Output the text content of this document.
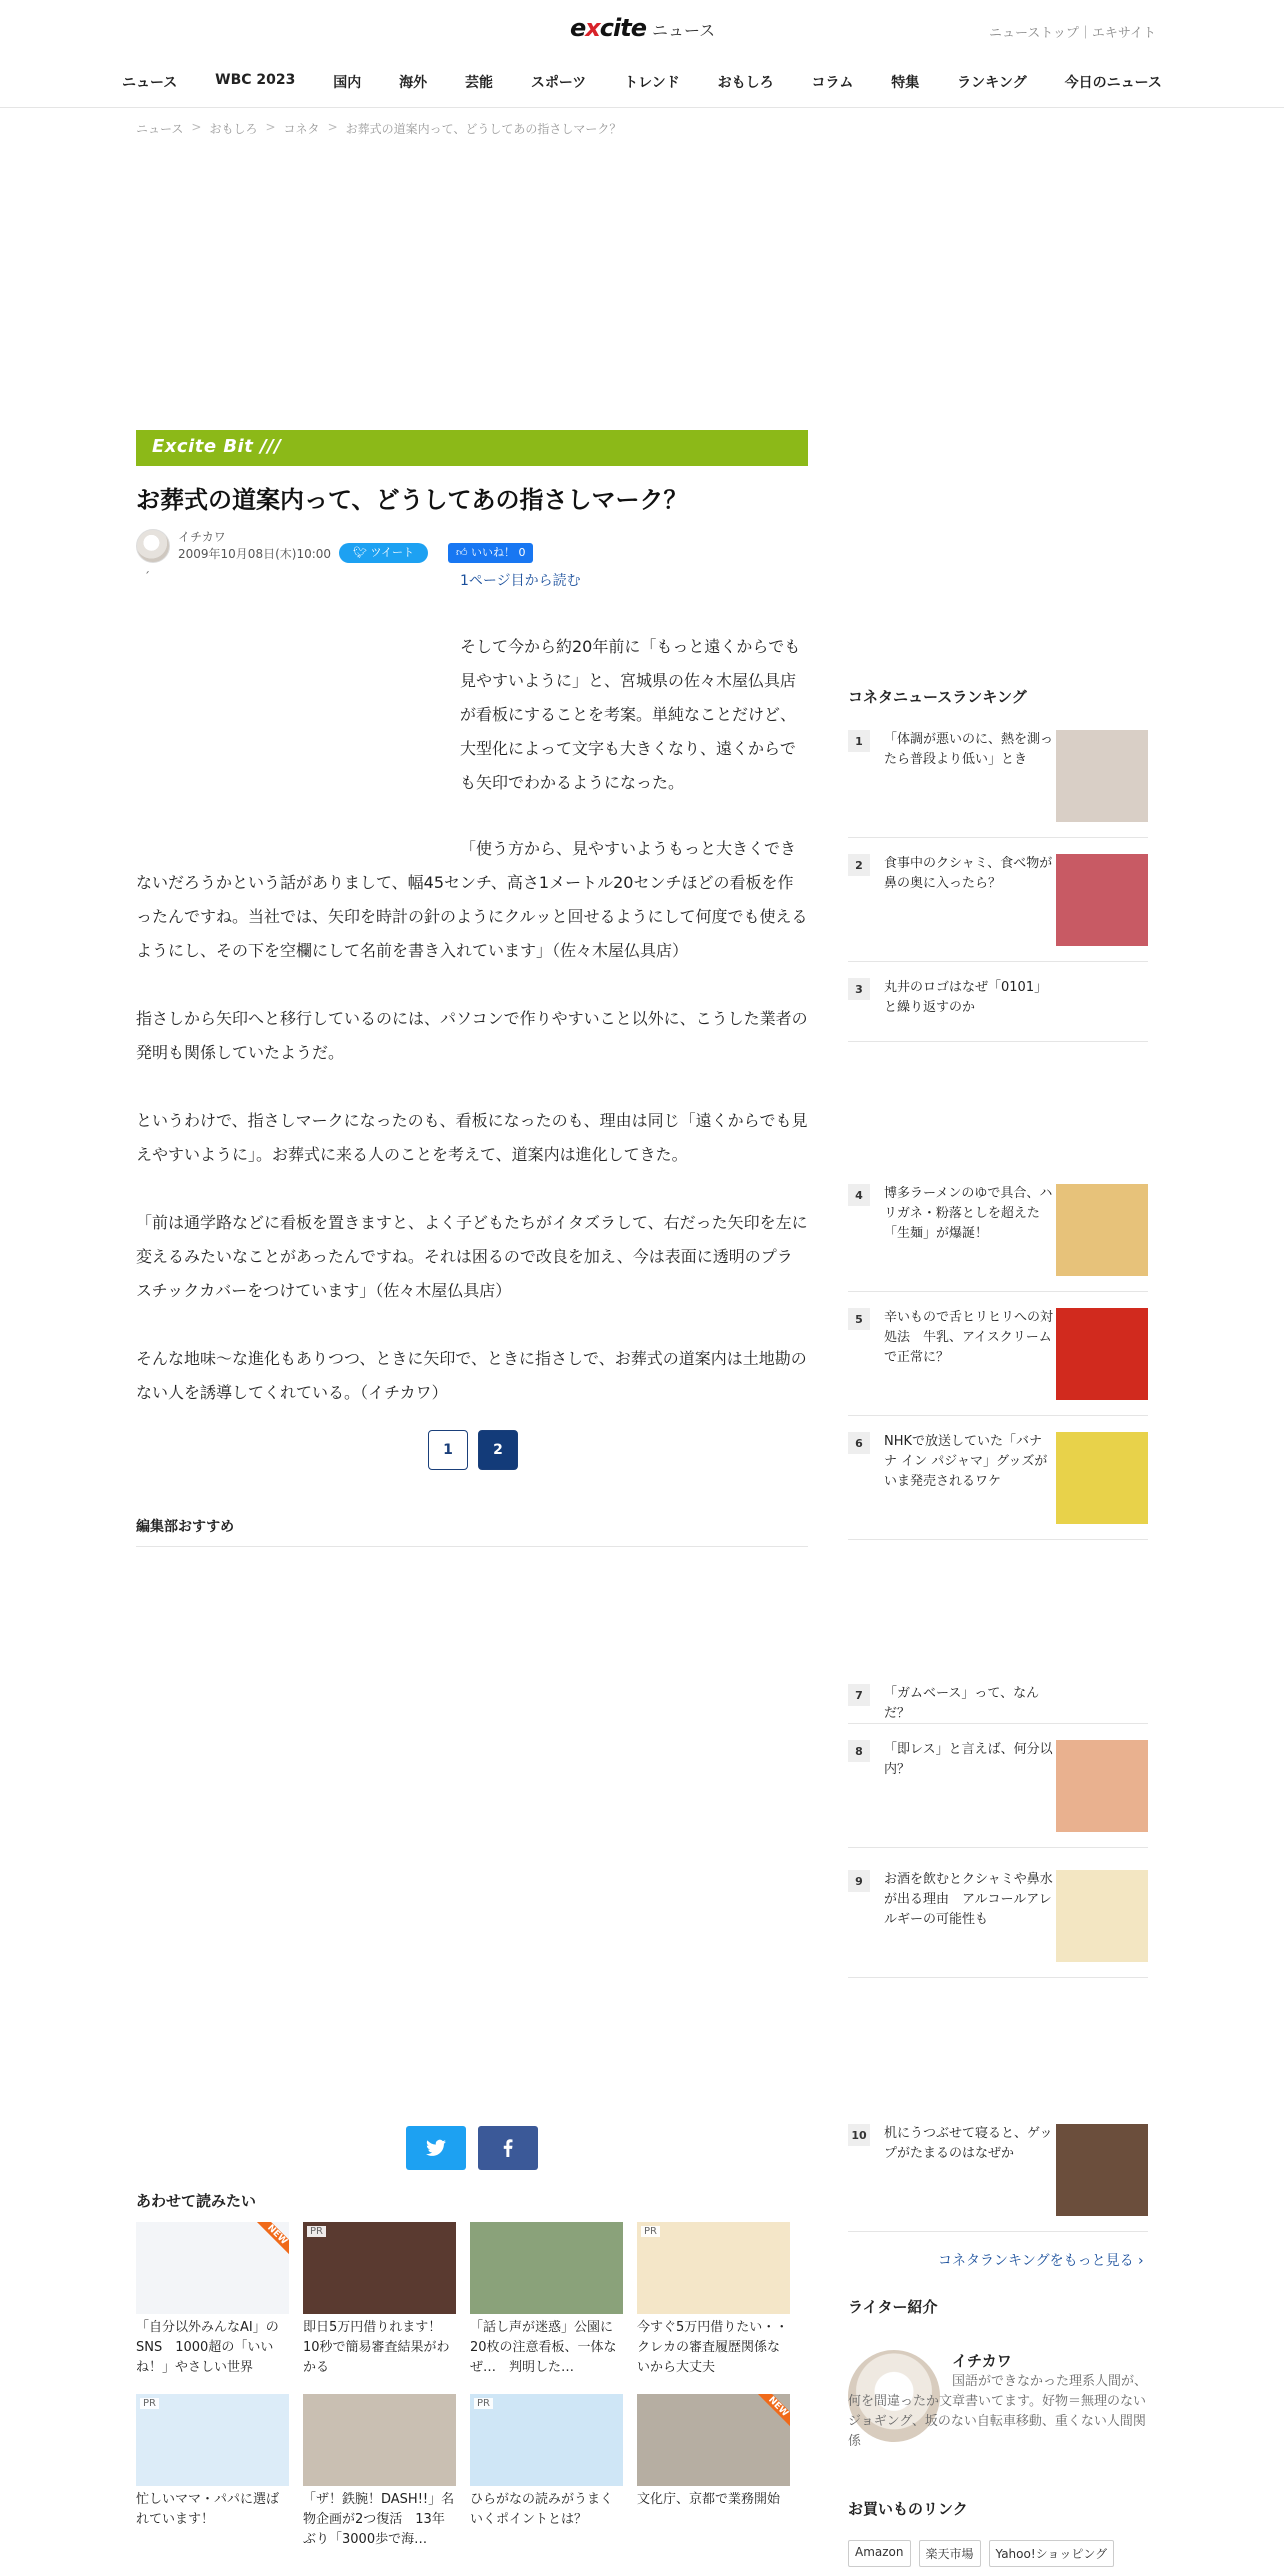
excite ニュース	ニューストップ｜エキサイト
ニュース	WBC 2023	国内	海外	芸能	スポーツ	トレンド	おもしろ	コラム	特集	ランキング	今日のニュース
ニュース > おもしろ > コネタ > お葬式の道案内って、どうしてあの指さしマーク？
Excite Bit ///
お葬式の道案内って、どうしてあの指さしマーク？
イチカワ
2009年10月08日(木)10:00	🐦︎ ツイート	👍︎ いいね！ 0
´	1ページ目から読む

そして今から約20年前に「もっと遠くからでも見やすいように」と、宮城県の佐々木屋仏具店が看板にすることを考案。単純なことだけど、大型化によって文字も大きくなり、遠くからでも矢印でわかるようになった。

「使う方から、見やすいようもっと大きくできないだろうかという話がありまして、幅45センチ、高さ1メートル20センチほどの看板を作ったんですね。当社では、矢印を時計の針のようにクルッと回せるようにして何度でも使えるようにし、その下を空欄にして名前を書き入れています」（佐々木屋仏具店）

指さしから矢印へと移行しているのには、パソコンで作りやすいこと以外に、こうした業者の発明も関係していたようだ。

というわけで、指さしマークになったのも、看板になったのも、理由は同じ「遠くからでも見えやすいように」。お葬式に来る人のことを考えて、道案内は進化してきた。

「前は通学路などに看板を置きますと、よく子どもたちがイタズラして、右だった矢印を左に変えるみたいなことがあったんですね。それは困るので改良を加え、今は表面に透明のプラスチックカバーをつけています」（佐々木屋仏具店）

そんな地味～な進化もありつつ、ときに矢印で、ときに指さしで、お葬式の道案内は土地勘のない人を誘導してくれている。（イチカワ）

1	2
編集部おすすめ
あわせて読みたい
NEW
「自分以外みんなAI」のSNS　1000超の「いいね！」やさしい世界
PR
即日5万円借りれます！10秒で簡易審査結果がわかる
「話し声が迷惑」公園に20枚の注意看板、一体なぜ…　判明した…
PR
今すぐ5万円借りたい・・クレカの審査履歴関係ないから大丈夫
PR
忙しいママ・パパに選ばれています！
「ザ！鉄腕！DASH!!」名物企画が2つ復活　13年ぶり「3000歩で海…
PR
ひらがなの読みがうまくいくポイントとは？
NEW
文化庁、京都で業務開始
コネタニュースランキング
1	「体調が悪いのに、熱を測ったら普段より低い」とき
2	食事中のクシャミ、食べ物が鼻の奥に入ったら？
3	丸井のロゴはなぜ「0101」と繰り返すのか
4	博多ラーメンのゆで具合、ハリガネ・粉落としを超えた「生麺」が爆誕！
5	辛いもので舌ヒリヒリへの対処法　牛乳、アイスクリームで正常に？
6	NHKで放送していた「バナナ イン パジャマ」グッズがいま発売されるワケ
7	「ガムベース」って、なんだ？
8	「即レス」と言えば、何分以内？
9	お酒を飲むとクシャミや鼻水が出る理由　アルコールアレルギーの可能性も
10 机にうつぶせて寝ると、ゲップがたまるのはなぜか
コネタランキングをもっと見る ›
ライター紹介
イチカワ
国語ができなかった理系人間が、何を間違ったか文章書いてます。好物＝無理のないジョギング、坂のない自転車移動、重くない人間関係
お買いものリンク
Amazon	楽天市場	Yahoo!ショッピング
